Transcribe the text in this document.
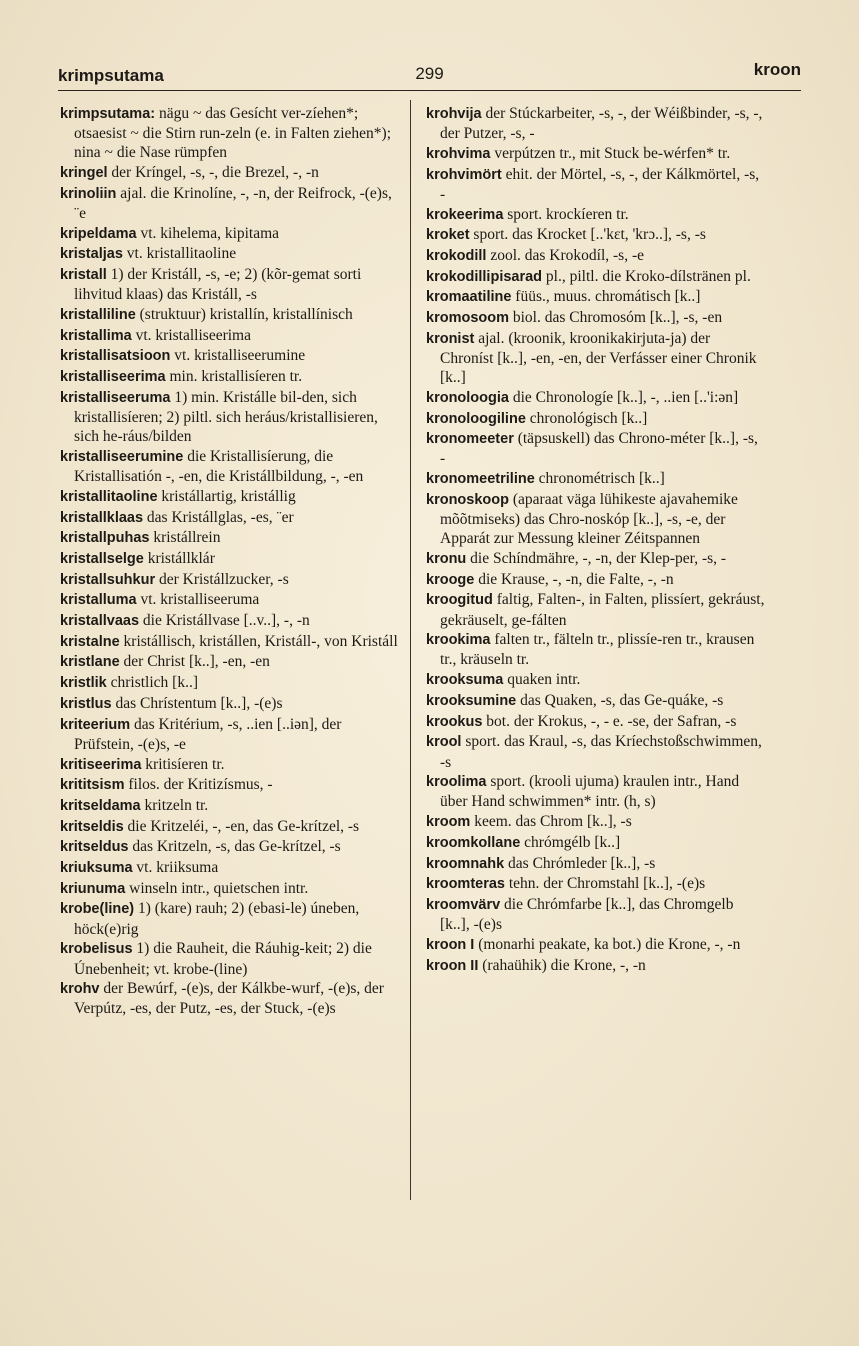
krimpsutama	299	kroon

krimpsutama: nägu ~ das Gesícht ver-zíehen*; otsaesist ~ die Stirn run-zeln (e. in Falten ziehen*); nina ~ die Nase rümpfen

kringel der Kríngel, -s, -, die Brezel, -, -n

krinoliin ajal. die Krinolíne, -, -n, der Reifrock, -(e)s, ¨e

kripeldama vt. kihelema, kipitama

kristaljas vt. kristallitaoline

kristall 1) der Kristáll, -s, -e; 2) (kõr-gemat sorti lihvitud klaas) das Kristáll, -s

kristalliline (struktuur) kristallín, kristallínisch

kristallima vt. kristalliseerima

kristallisatsioon vt. kristalliseerumine

kristalliseerima min. kristallisíeren tr.

kristalliseeruma 1) min. Kristálle bil-den, sich kristallisíeren; 2) piltl. sich heráus/kristallisieren, sich he-ráus/bilden

kristalliseerumine die Kristallisíerung, die Kristallisatión -, -en, die Kristállbildung, -, -en

kristallitaoline kristállartig, kristállig

kristallklaas das Kristállglas, -es, ¨er

kristallpuhas kristállrein

kristallselge kristállklár

kristallsuhkur der Kristállzucker, -s

kristalluma vt. kristalliseeruma

kristallvaas die Kristállvase [..v..], -, -n

kristalne kristállisch, kristállen, Kristáll-, von Kristáll

kristlane der Christ [k..], -en, -en

kristlik christlich [k..]

kristlus das Chrístentum [k..], -(e)s

kriteerium das Kritérium, -s, ..ien [..iən], der Prüfstein, -(e)s, -e

kritiseerima kritisíeren tr.

krititsism filos. der Kritizísmus, -

kritseldama kritzeln tr.

kritseldis die Kritzeléi, -, -en, das Ge-krítzel, -s

kritseldus das Kritzeln, -s, das Ge-krítzel, -s

kriuksuma vt. kriiksuma

kriunuma winseln intr., quietschen intr.

krobe(line) 1) (kare) rauh; 2) (ebasi-le) úneben, höck(e)rig

krobelisus 1) die Rauheit, die Ráuhig-keit; 2) die Únebenheit; vt. krobe-(line)

krohv der Bewúrf, -(e)s, der Kálkbe-wurf, -(e)s, der Verpútz, -es, der Putz, -es, der Stuck, -(e)s

krohvija der Stúckarbeiter, -s, -, der Wéißbinder, -s, -, der Putzer, -s, -

krohvima verpútzen tr., mit Stuck be-wérfen* tr.

krohvimört ehit. der Mörtel, -s, -, der Kálkmörtel, -s, -

krokeerima sport. krockíeren tr.

kroket sport. das Krocket [..'kɛt, 'krɔ..], -s, -s

krokodill zool. das Krokodíl, -s, -e

krokodillipisarad pl., piltl. die Kroko-dílstränen pl.

kromaatiline füüs., muus. chromátisch [k..]

kromosoom biol. das Chromosóm [k..], -s, -en

kronist ajal. (kroonik, kroonikakirjuta-ja) der Chroníst [k..], -en, -en, der Verfásser einer Chronik [k..]

kronoloogia die Chronologíe [k..], -, ..ien [..'i:ən]

kronoloogiline chronológisch [k..]

kronomeeter (täpsuskell) das Chrono-méter [k..], -s, -

kronomeetriline chronométrisch [k..]

kronoskoop (aparaat väga lühikeste ajavahemike mõõtmiseks) das Chro-noskóp [k..], -s, -e, der Apparát zur Messung kleiner Zéitspannen

kronu die Schíndmähre, -, -n, der Klep-per, -s, -

krooge die Krause, -, -n, die Falte, -, -n

kroogitud faltig, Falten-, in Falten, plissíert, gekráust, gekräuselt, ge-fálten

krookima falten tr., fälteln tr., plissíe-ren tr., krausen tr., kräuseln tr.

krooksuma quaken intr.

krooksumine das Quaken, -s, das Ge-quáke, -s

krookus bot. der Krokus, -, - e. -se, der Safran, -s

krool sport. das Kraul, -s, das Kríechstoßschwimmen, -s

kroolima sport. (krooli ujuma) kraulen intr., Hand über Hand schwimmen* intr. (h, s)

kroom keem. das Chrom [k..], -s

kroomkollane chrómgélb [k..]

kroomnahk das Chrómleder [k..], -s

kroomteras tehn. der Chromstahl [k..], -(e)s

kroomvärv die Chrómfarbe [k..], das Chromgelb [k..], -(e)s

kroon I (monarhi peakate, ka bot.) die Krone, -, -n

kroon II (rahaühik) die Krone, -, -n
